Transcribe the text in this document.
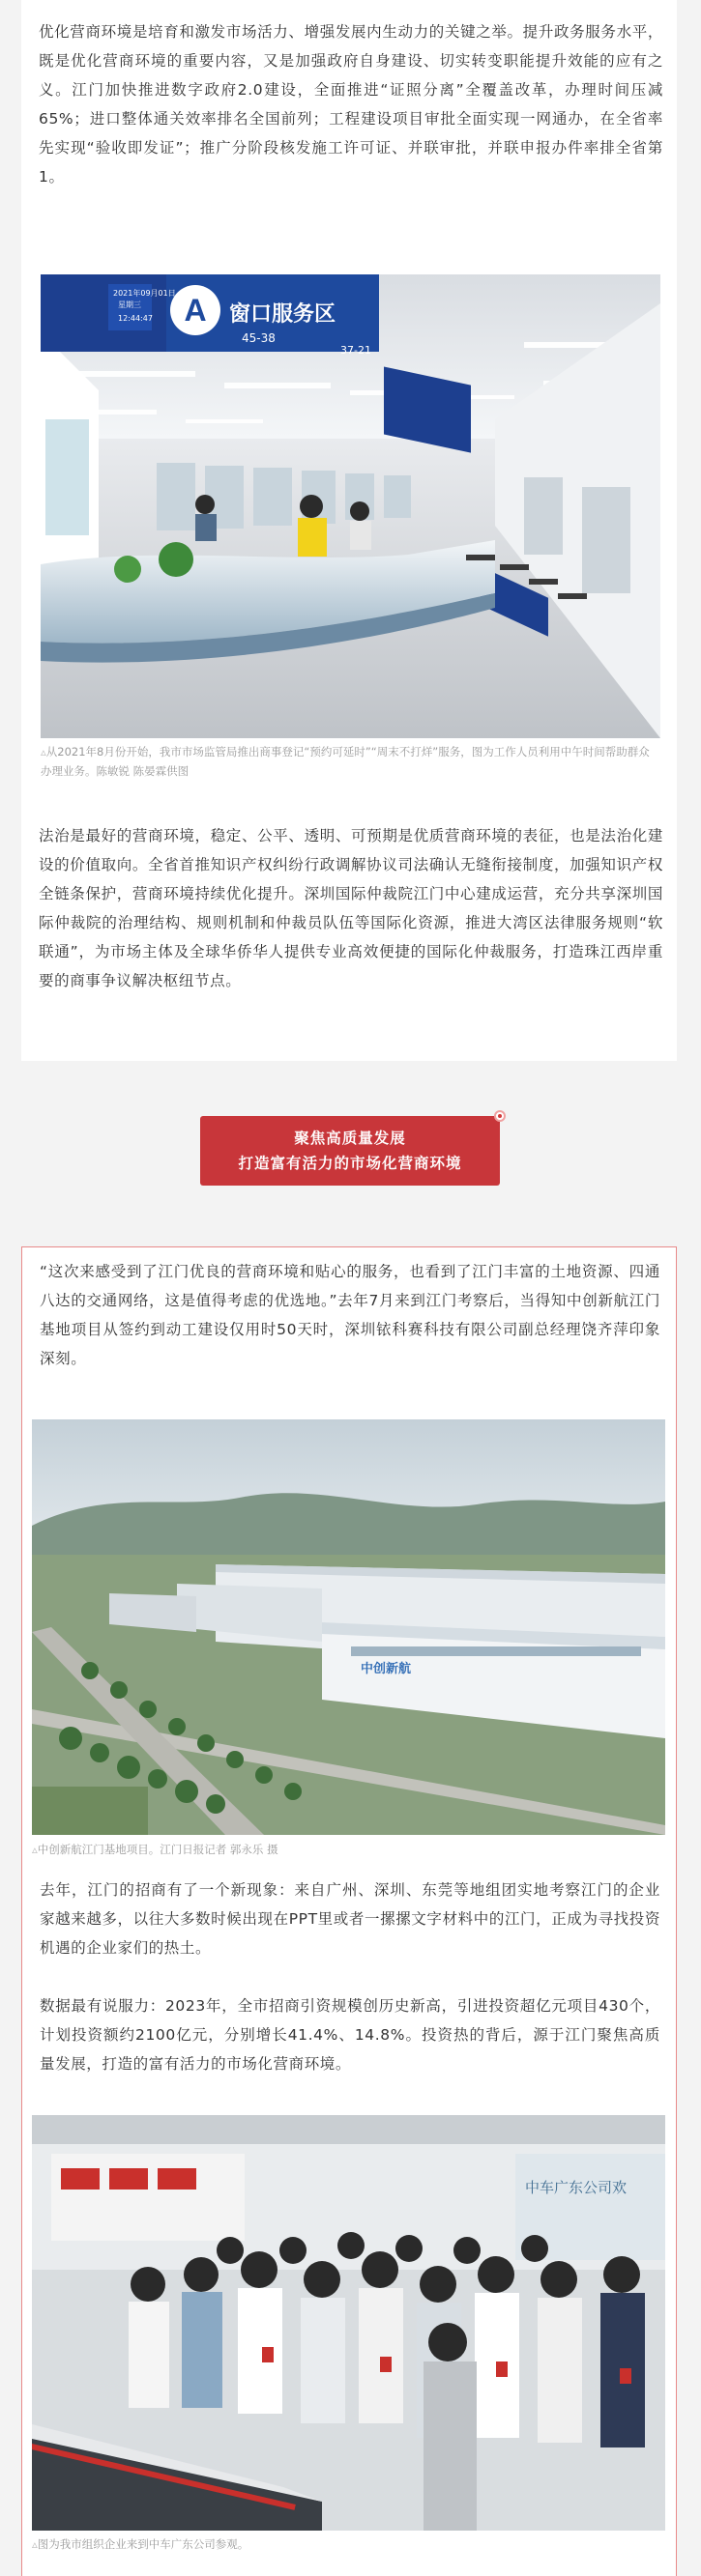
优化营商环境是培育和激发市场活力、增强发展内生动力的关键之举。提升政务服务水平，既是优化营商环境的重要内容，又是加强政府自身建设、切实转变职能提升效能的应有之义。江门加快推进数字政府2.0建设，全面推进“证照分离”全覆盖改革，办理时间压减65%；进口整体通关效率排名全国前列；工程建设项目审批全面实现一网通办，在全省率先实现“验收即发证”；推广分阶段核发施工许可证、并联审批，并联申报办件率排全省第1。

A 窗口服务区
45-38
37-21
2021年09月01日
星期三
12:44:47

▵从2021年8月份开始，我市市场监管局推出商事登记“预约可延时”“周末不打烊”服务，图为工作人员利用中午时间帮助群众办理业务。陈敏锐 陈晏霖供图

法治是最好的营商环境，稳定、公平、透明、可预期是优质营商环境的表征，也是法治化建设的价值取向。全省首推知识产权纠纷行政调解协议司法确认无缝衔接制度，加强知识产权全链条保护，营商环境持续优化提升。深圳国际仲裁院江门中心建成运营，充分共享深圳国际仲裁院的治理结构、规则机制和仲裁员队伍等国际化资源，推进大湾区法律服务规则“软联通”，为市场主体及全球华侨华人提供专业高效便捷的国际化仲裁服务，打造珠江西岸重要的商事争议解决枢纽节点。

聚焦高质量发展
打造富有活力的市场化营商环境

“这次来感受到了江门优良的营商环境和贴心的服务，也看到了江门丰富的土地资源、四通八达的交通网络，这是值得考虑的优选地。”去年7月来到江门考察后，当得知中创新航江门基地项目从签约到动工建设仅用时50天时，深圳铱科赛科技有限公司副总经理饶齐萍印象深刻。

中创新航

▵中创新航江门基地项目。江门日报记者 郭永乐 摄

去年，江门的招商有了一个新现象：来自广州、深圳、东莞等地组团实地考察江门的企业家越来越多，以往大多数时候出现在PPT里或者一摞摞文字材料中的江门，正成为寻找投资机遇的企业家们的热土。

数据最有说服力：2023年，全市招商引资规模创历史新高，引进投资超亿元项目430个，计划投资额约2100亿元，分别增长41.4%、14.8%。投资热的背后，源于江门聚焦高质量发展，打造的富有活力的市场化营商环境。

中车广东公司欢

▵图为我市组织企业来到中车广东公司参观。
